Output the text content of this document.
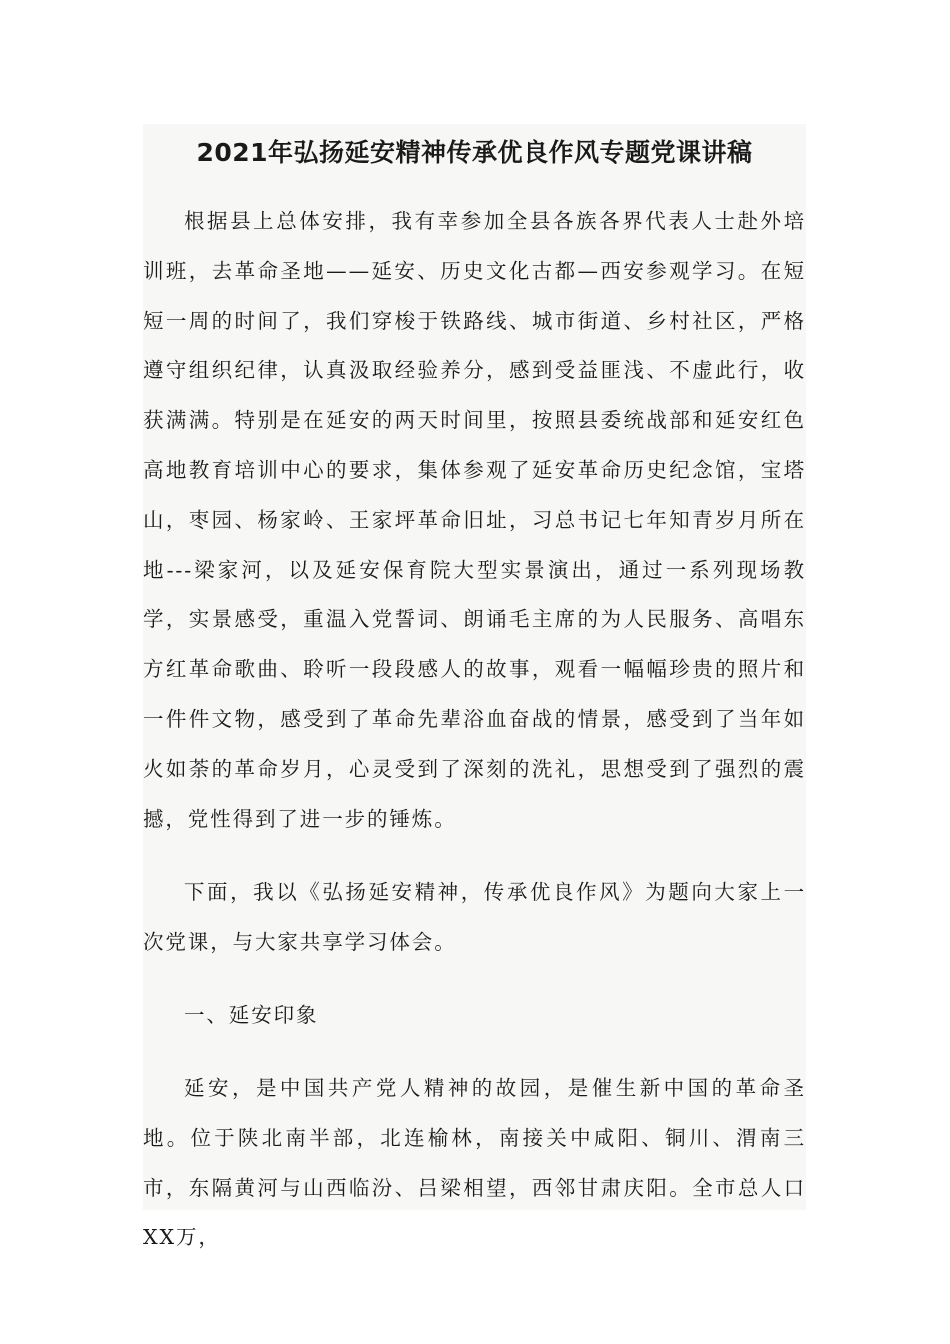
2021年弘扬延安精神传承优良作风专题党课讲稿

根据县上总体安排，我有幸参加全县各族各界代表人士赴外培训班，去革命圣地——延安、历史文化古都—西安参观学习。在短短一周的时间了，我们穿梭于铁路线、城市街道、乡村社区，严格遵守组织纪律，认真汲取经验养分，感到受益匪浅、不虚此行，收获满满。特别是在延安的两天时间里，按照县委统战部和延安红色高地教育培训中心的要求，集体参观了延安革命历史纪念馆，宝塔山，枣园、杨家岭、王家坪革命旧址，习总书记七年知青岁月所在地---梁家河，以及延安保育院大型实景演出，通过一系列现场教学，实景感受，重温入党誓词、朗诵毛主席的为人民服务、高唱东方红革命歌曲、聆听一段段感人的故事，观看一幅幅珍贵的照片和一件件文物，感受到了革命先辈浴血奋战的情景，感受到了当年如火如荼的革命岁月，心灵受到了深刻的洗礼，思想受到了强烈的震撼，党性得到了进一步的锤炼。

下面，我以《弘扬延安精神，传承优良作风》为题向大家上一次党课，与大家共享学习体会。

一、延安印象

延安，是中国共产党人精神的故园，是催生新中国的革命圣地。位于陕北南半部，北连榆林，南接关中咸阳、铜川、渭南三市，东隔黄河与山西临汾、吕梁相望，西邻甘肃庆阳。全市总人口XX万，
